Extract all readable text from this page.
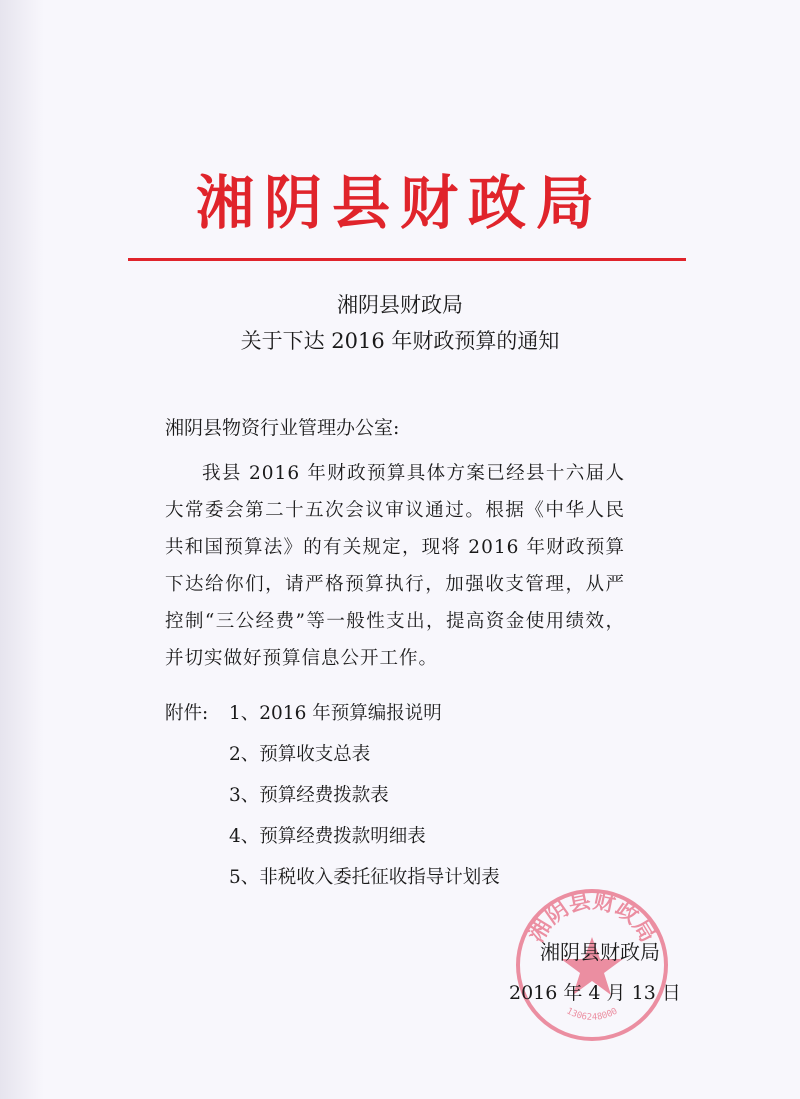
湘阴县财政局
湘阴县财政局
关于下达 2016 年财政预算的通知
湘阴县物资行业管理办公室:
我县 2016 年财政预算具体方案已经县十六届人大常委会第二十五次会议审议通过。根据《中华人民共和国预算法》的有关规定，现将 2016 年财政预算下达给你们，请严格预算执行，加强收支管理，从严控制“三公经费”等一般性支出，提高资金使用绩效，并切实做好预算信息公开工作。
附件: 1、2016 年预算编报说明
2、预算收支总表
3、预算经费拨款表
4、预算经费拨款明细表
5、非税收入委托征收指导计划表
湘阴县财政局
1306248000
湘阴县财政局
2016 年 4 月 13 日
